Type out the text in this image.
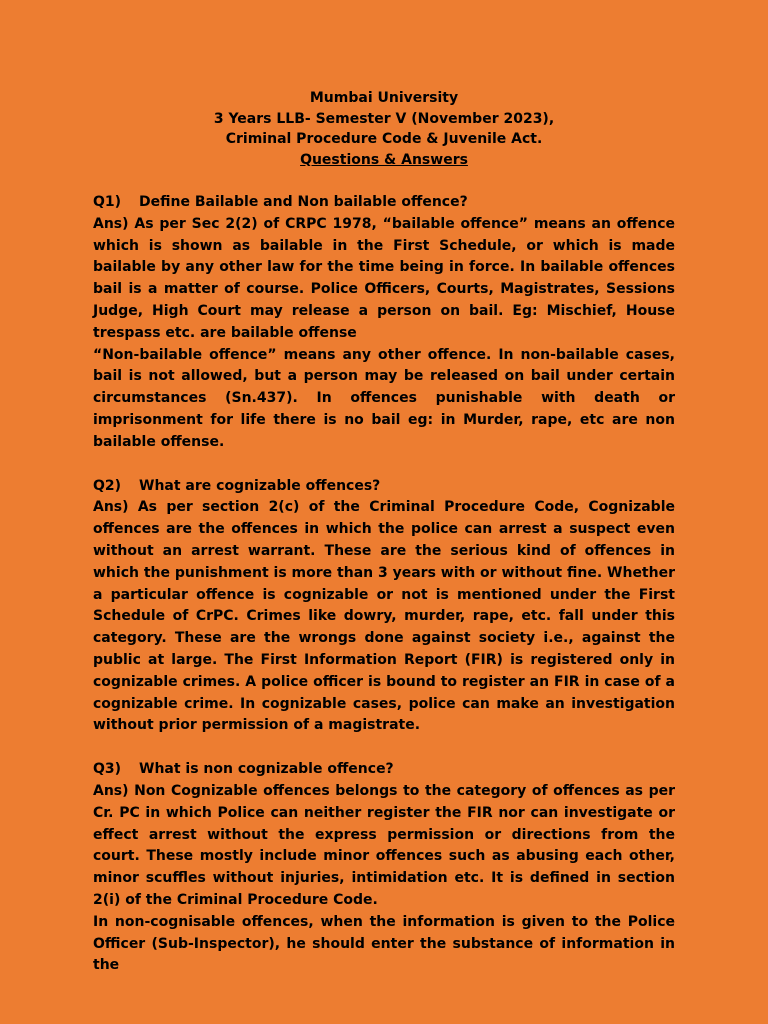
Mumbai University
3 Years LLB- Semester V (November 2023),
Criminal Procedure Code & Juvenile Act.
Questions & Answers
Q1) Define Bailable and Non bailable offence?

Ans) As per Sec 2(2) of CRPC 1978, “bailable offence” means an offence which is shown as bailable in the First Schedule, or which is made bailable by any other law for the time being in force. In bailable offences bail is a matter of course. Police Officers, Courts, Magistrates, Sessions Judge, High Court may release a person on bail. Eg: Mischief, House trespass etc. are bailable offense

“Non-bailable offence” means any other offence. In non-bailable cases, bail is not allowed, but a person may be released on bail under certain circumstances (Sn.437). In offences punishable with death or imprisonment for life there is no bail eg: in Murder, rape, etc are non bailable offense.

Q2) What are cognizable offences?

Ans) As per section 2(c) of the Criminal Procedure Code, Cognizable offences are the offences in which the police can arrest a suspect even without an arrest warrant. These are the serious kind of offences in which the punishment is more than 3 years with or without fine. Whether a particular offence is cognizable or not is mentioned under the First Schedule of CrPC. Crimes like dowry, murder, rape, etc. fall under this category. These are the wrongs done against society i.e., against the public at large. The First Information Report (FIR) is registered only in cognizable crimes. A police officer is bound to register an FIR in case of a cognizable crime. In cognizable cases, police can make an investigation without prior permission of a magistrate.

Q3) What is non cognizable offence?

Ans) Non Cognizable offences belongs to the category of offences as per Cr. PC in which Police can neither register the FIR nor can investigate or effect arrest without the express permission or directions from the court. These mostly include minor offences such as abusing each other, minor scuffles without injuries, intimidation etc. It is defined in section 2(i) of the Criminal Procedure Code.

In non-cognisable offences, when the information is given to the Police Officer (Sub-Inspector), he should enter the substance of information in the
